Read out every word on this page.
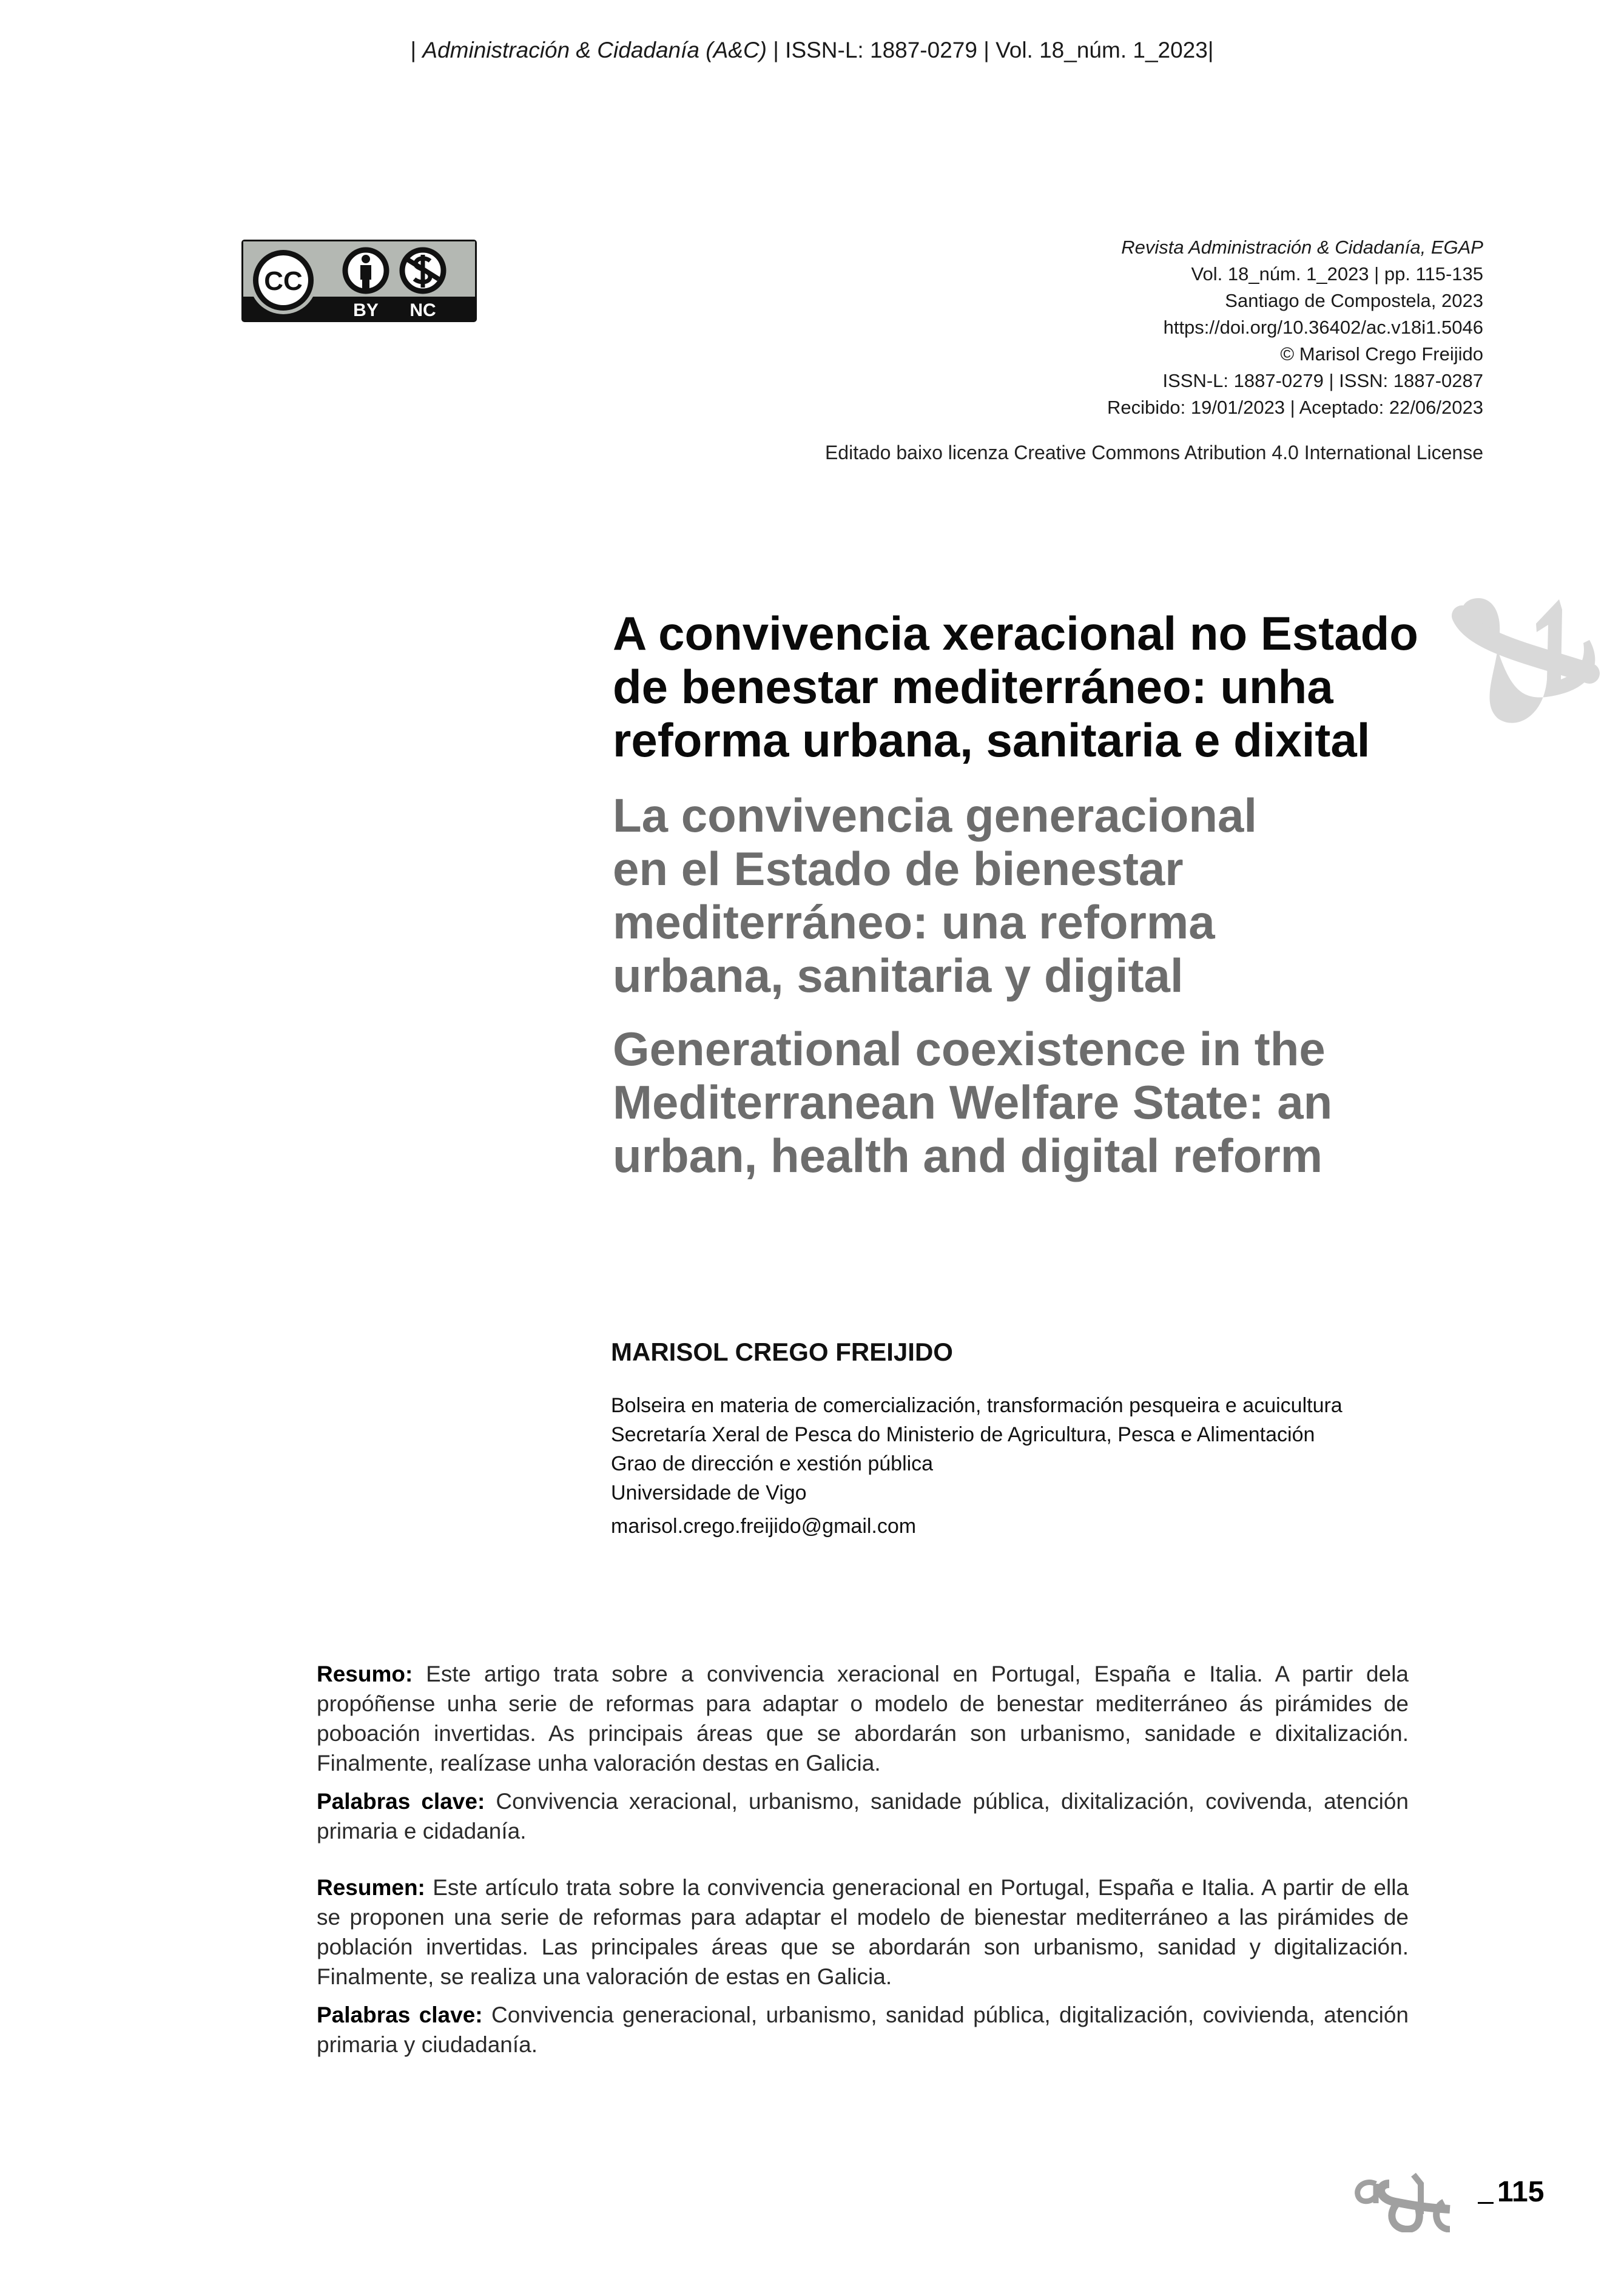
| Administración & Cidadanía (A&C) | ISSN-L: 1887-0279 | Vol. 18_núm. 1_2023|
CC
BY NC
Revista Administración & Cidadanía, EGAP
Vol. 18_núm. 1_2023 | pp. 115-135
Santiago de Compostela, 2023
https://doi.org/10.36402/ac.v18i1.5046
© Marisol Crego Freijido
ISSN-L: 1887-0279 | ISSN: 1887-0287
Recibido: 19/01/2023 | Aceptado: 22/06/2023
Editado baixo licenza Creative Commons Atribution 4.0 International License
A convivencia xeracional no Estado
de benestar mediterráneo: unha
reforma urbana, sanitaria e dixital
La convivencia generacional
en el Estado de bienestar
mediterráneo: una reforma
urbana, sanitaria y digital
Generational coexistence in the
Mediterranean Welfare State: an
urban, health and digital reform
MARISOL CREGO FREIJIDO
Bolseira en materia de comercialización, transformación pesqueira e acuicultura
Secretaría Xeral de Pesca do Ministerio de Agricultura, Pesca e Alimentación
Grao de dirección e xestión pública
Universidade de Vigo
marisol.crego.freijido@gmail.com
Resumo: Este artigo trata sobre a convivencia xeracional en Portugal, España e Italia. A partir dela propóñense unha serie de reformas para adaptar o modelo de benestar mediterráneo ás pirámides de poboación invertidas. As principais áreas que se abordarán son urbanismo, sanidade e dixitalización. Finalmente, realízase unha valoración destas en Galicia.
Palabras clave: Convivencia xeracional, urbanismo, sanidade pública, dixitalización, covivenda, atención primaria e cidadanía.
Resumen: Este artículo trata sobre la convivencia generacional en Portugal, España e Italia. A partir de ella se proponen una serie de reformas para adaptar el modelo de bienestar mediterráneo a las pirámides de población invertidas. Las principales áreas que se abordarán son urbanismo, sanidad y digitalización. Finalmente, se realiza una valoración de estas en Galicia.
Palabras clave: Convivencia generacional, urbanismo, sanidad pública, digitalización, covivienda, atención primaria y ciudadanía.
115
